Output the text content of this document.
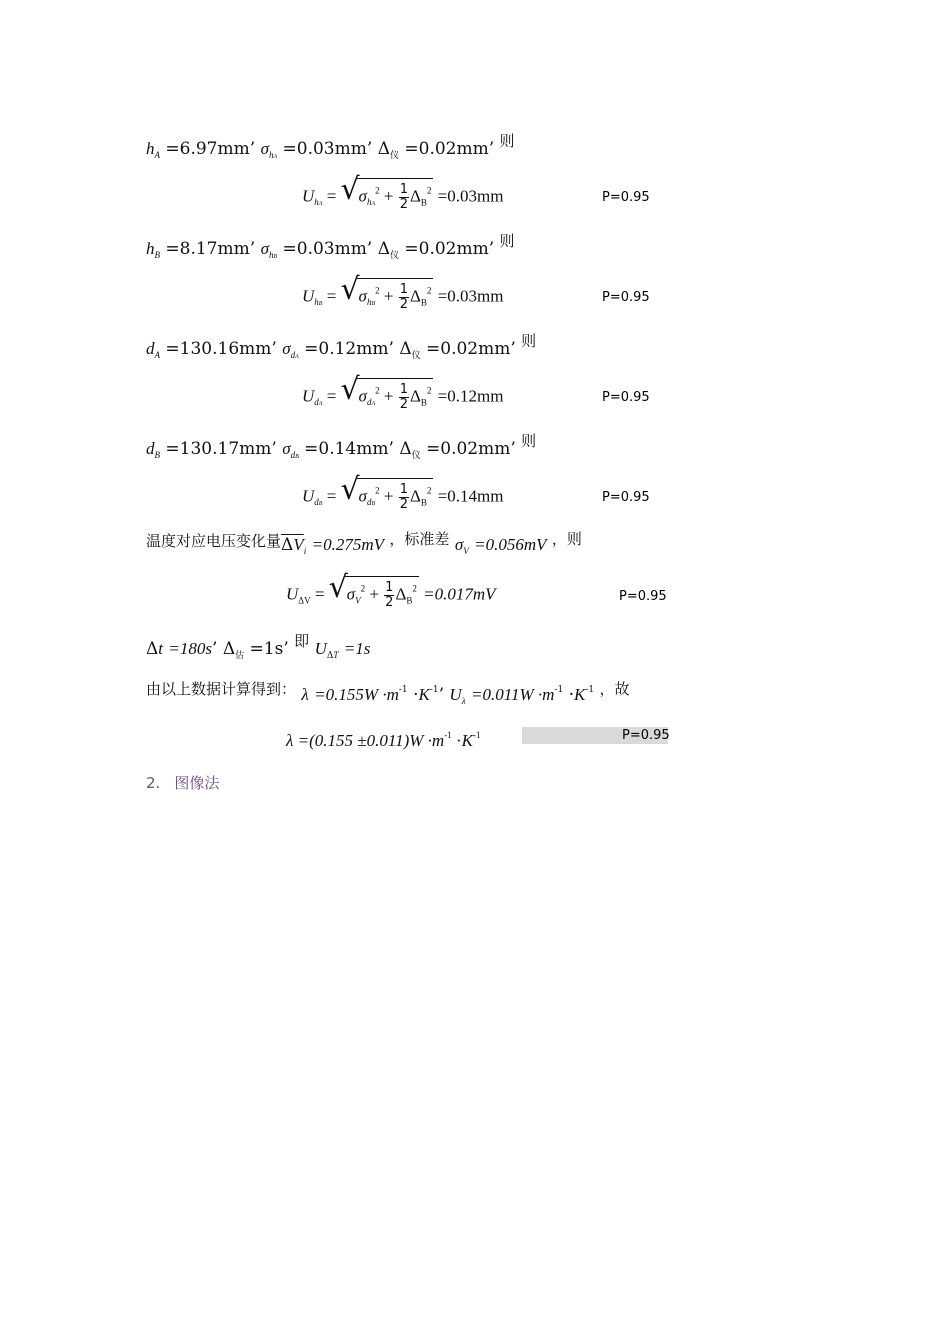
$h_A =6.97mm$’ $\sigma_{hA} =0.03mm$’ $\Delta_仪 =0.02mm$’ 则
$U_{hA}$ = √ $\sigma_{hA}^2 + \frac{1}{2} \Delta_B^2 =0.03mm$	P=0.95
$h_B =8.17mm$’ $\sigma_{hB} =0.03mm$’ $\Delta_仪 =0.02mm$’ 则
$U_{hB}$ = √ $\sigma_{hB}^2 + \frac{1}{2} \Delta_B^2 =0.03mm$	P=0.95
$d_A =130.16mm$’ $\sigma_{dA} =0.12mm$’ $\Delta_仪 =0.02mm$’ 则
$U_{dA}$ = √ $\sigma_{dA}^2 + \frac{1}{2} \Delta_B^2 =0.12mm$	P=0.95
$d_B =130.17mm$’ $\sigma_{dB} =0.14mm$’ $\Delta_仪 =0.02mm$’ 则
$U_{dB}$ = √ $\sigma_{dB}^2 + \frac{1}{2} \Delta_B^2 =0.14mm$	P=0.95
温度对应电压变化量$\Delta V_i =0.275mV$ ，标准差 $\sigma_V =0.056mV$ ，则
$U_{\Delta V}$ = √ $\sigma_V^2 + \frac{1}{2} \Delta_B^2 =0.017mV$	P=0.95
Δt =180s’ $\Delta_估 =1s$’ 即 $U_{\Delta T} =1s$
由以上数据计算得到： $\lambda =0.155W \cdot m^{-1} \cdot K^{-1}$’ $U_\lambda =0.011W \cdot m^{-1} \cdot K^{-1}$ ，故
$\lambda =(0.155 \pm 0.011)W \cdot m^{-1} \cdot K^{-1}$	P=0.95
2. 图像法
